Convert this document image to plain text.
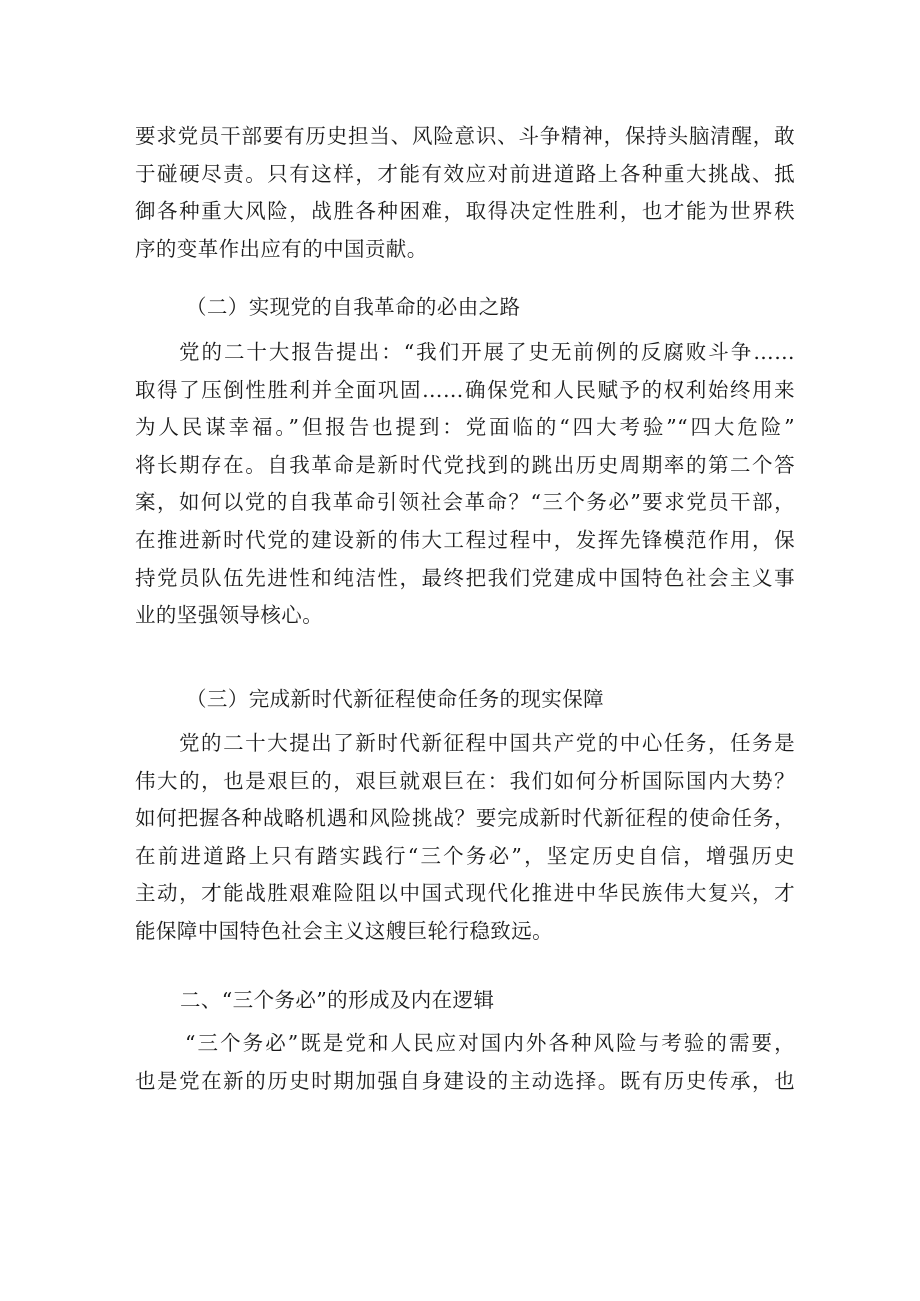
要求党员干部要有历史担当、风险意识、斗争精神，保持头脑清醒，敢
于碰硬尽责。只有这样，才能有效应对前进道路上各种重大挑战、抵
御各种重大风险，战胜各种困难，取得决定性胜利，也才能为世界秩
序的变革作出应有的中国贡献。
（二）实现党的自我革命的必由之路
党的二十大报告提出：“我们开展了史无前例的反腐败斗争……
取得了压倒性胜利并全面巩固……确保党和人民赋予的权利始终用来
为人民谋幸福。”但报告也提到：党面临的“四大考验”“四大危险”
将长期存在。自我革命是新时代党找到的跳出历史周期率的第二个答
案，如何以党的自我革命引领社会革命？“三个务必”要求党员干部，
在推进新时代党的建设新的伟大工程过程中，发挥先锋模范作用，保
持党员队伍先进性和纯洁性，最终把我们党建成中国特色社会主义事
业的坚强领导核心。
（三）完成新时代新征程使命任务的现实保障
党的二十大提出了新时代新征程中国共产党的中心任务，任务是
伟大的，也是艰巨的，艰巨就艰巨在：我们如何分析国际国内大势？
如何把握各种战略机遇和风险挑战？要完成新时代新征程的使命任务，
在前进道路上只有踏实践行“三个务必”，坚定历史自信，增强历史
主动，才能战胜艰难险阻以中国式现代化推进中华民族伟大复兴，才
能保障中国特色社会主义这艘巨轮行稳致远。
二、“三个务必”的形成及内在逻辑
“三个务必”既是党和人民应对国内外各种风险与考验的需要，
也是党在新的历史时期加强自身建设的主动选择。既有历史传承，也
